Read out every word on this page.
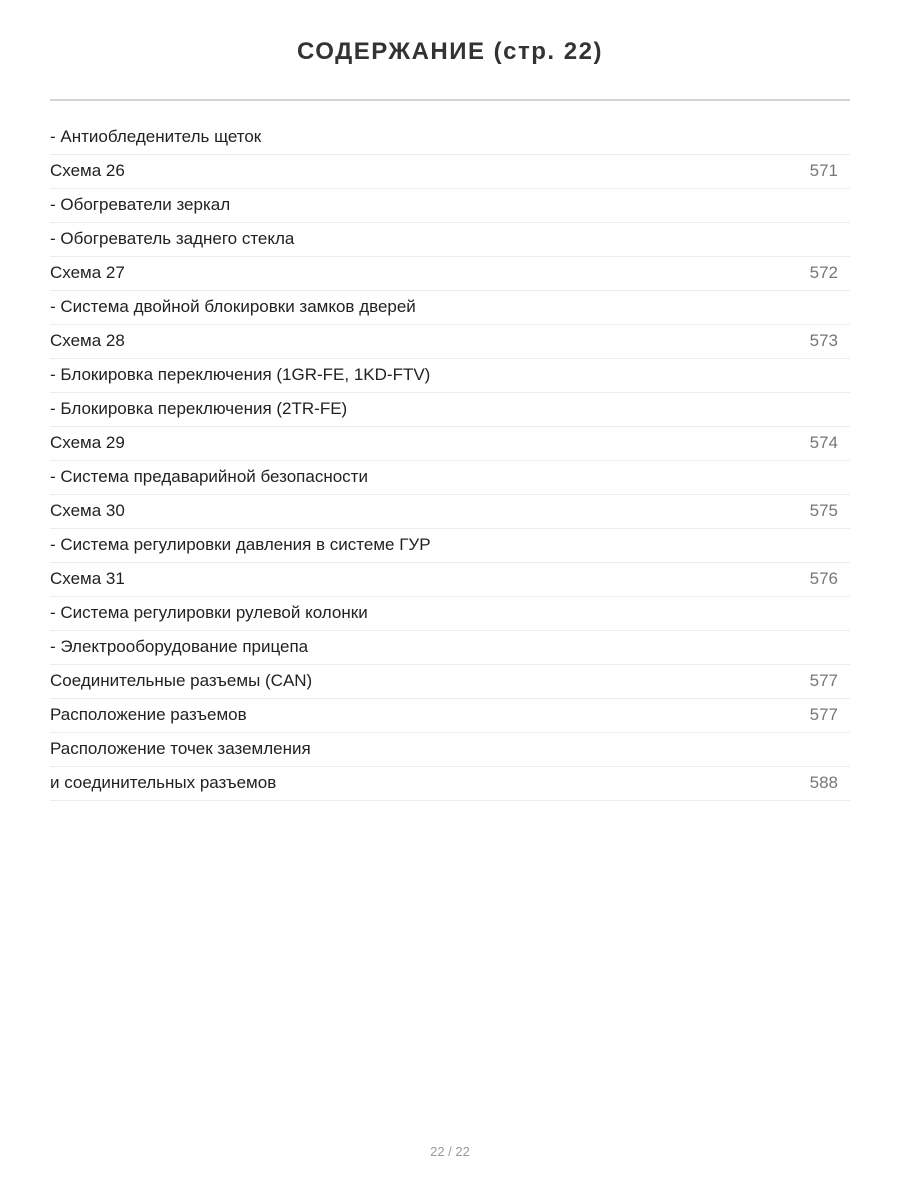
СОДЕРЖАНИЕ (стр. 22)
- Антиобледенитель щеток
Схема 26	571
- Обогреватели зеркал
- Обогреватель заднего стекла
Схема 27	572
- Система двойной блокировки замков дверей
Схема 28	573
- Блокировка переключения (1GR-FE, 1KD-FTV)
- Блокировка переключения (2TR-FE)
Схема 29	574
- Система предаварийной безопасности
Схема 30	575
- Система регулировки давления в системе ГУР
Схема 31	576
- Система регулировки рулевой колонки
- Электрооборудование прицепа
Соединительные разъемы (CAN)	577
Расположение разъемов	577
Расположение точек заземления
и соединительных разъемов	588
22 / 22
